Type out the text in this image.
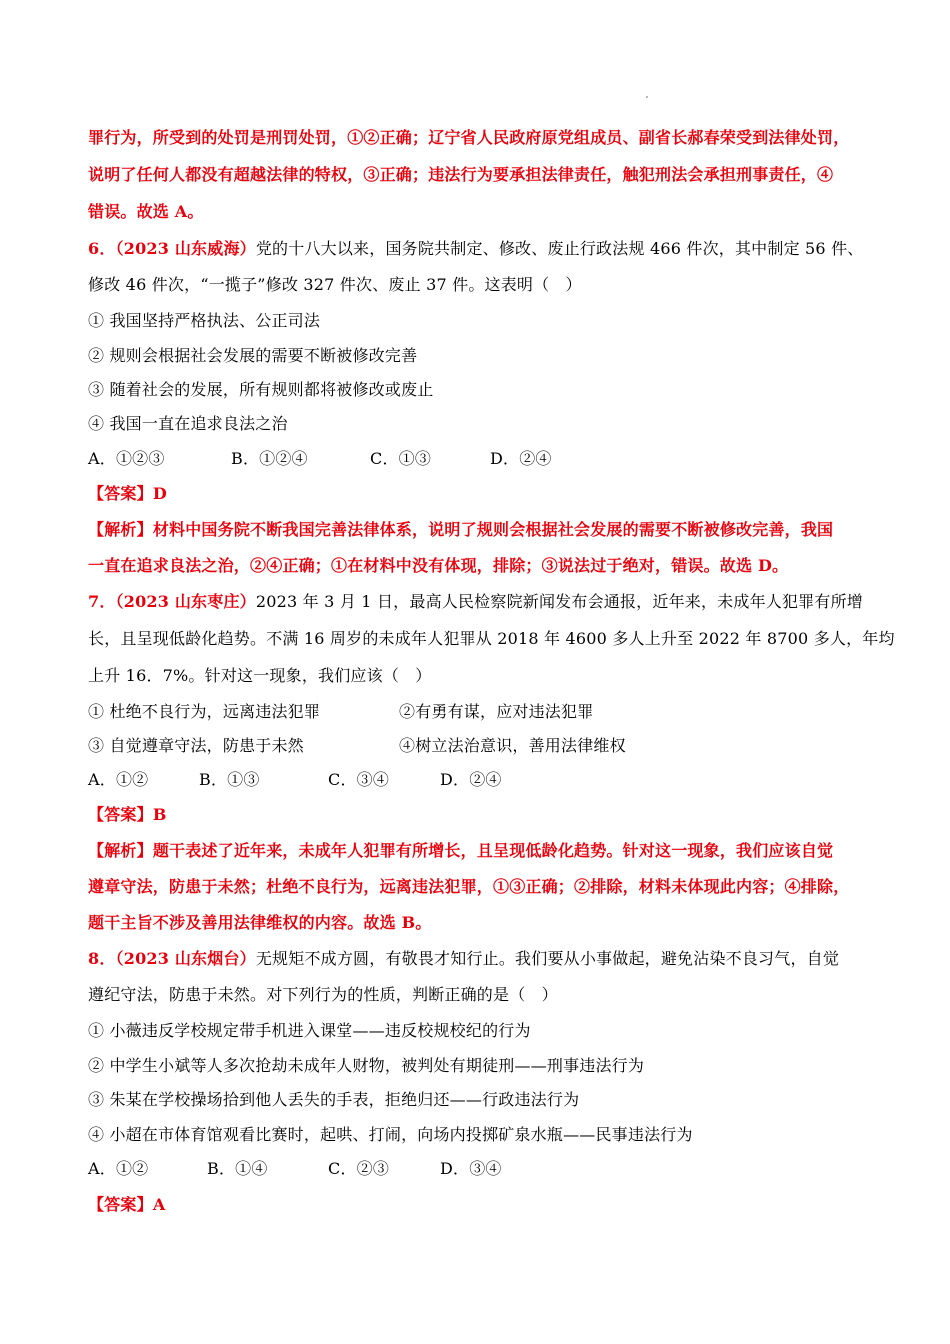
罪行为，所受到的处罚是刑罚处罚，①②正确；辽宁省人民政府原党组成员、副省长郝春荣受到法律处罚，
说明了任何人都没有超越法律的特权，③正确；违法行为要承担法律责任，触犯刑法会承担刑事责任，④
错误。故选 A。
6．（2023 山东威海）党的十八大以来，国务院共制定、修改、废止行政法规 466 件次，其中制定 56 件、
修改 46 件次，“一揽子”修改 327 件次、废止 37 件。这表明（　）
① 我国坚持严格执法、公正司法
② 规则会根据社会发展的需要不断被修改完善
③ 随着社会的发展，所有规则都将被修改或废止
④ 我国一直在追求良法之治
A．①②③	B．①②④	C．①③	D．②④
【答案】D
【解析】材料中国务院不断我国完善法律体系，说明了规则会根据社会发展的需要不断被修改完善，我国
一直在追求良法之治，②④正确；①在材料中没有体现，排除；③说法过于绝对，错误。故选 D。
7．（2023 山东枣庄）2023 年 3 月 1 日，最高人民检察院新闻发布会通报，近年来，未成年人犯罪有所增
长，且呈现低龄化趋势。不满 16 周岁的未成年人犯罪从 2018 年 4600 多人上升至 2022 年 8700 多人，年均
上升 16．7%。针对这一现象，我们应该（　）
① 杜绝不良行为，远离违法犯罪	②有勇有谋，应对违法犯罪
③ 自觉遵章守法，防患于未然	④树立法治意识，善用法律维权
A．①②	B．①③	C．③④	D．②④
【答案】B
【解析】题干表述了近年来，未成年人犯罪有所增长，且呈现低龄化趋势。针对这一现象，我们应该自觉
遵章守法，防患于未然；杜绝不良行为，远离违法犯罪，①③正确；②排除，材料未体现此内容；④排除，
题干主旨不涉及善用法律维权的内容。故选 B。
8．（2023 山东烟台）无规矩不成方圆，有敬畏才知行止。我们要从小事做起，避免沾染不良习气，自觉
遵纪守法，防患于未然。对下列行为的性质，判断正确的是（　）
① 小薇违反学校规定带手机进入课堂——违反校规校纪的行为
② 中学生小斌等人多次抢劫未成年人财物，被判处有期徒刑——刑事违法行为
③ 朱某在学校操场拾到他人丢失的手表，拒绝归还——行政违法行为
④ 小超在市体育馆观看比赛时，起哄、打闹，向场内投掷矿泉水瓶——民事违法行为
A．①②	B．①④	C．②③	D．③④
【答案】A
